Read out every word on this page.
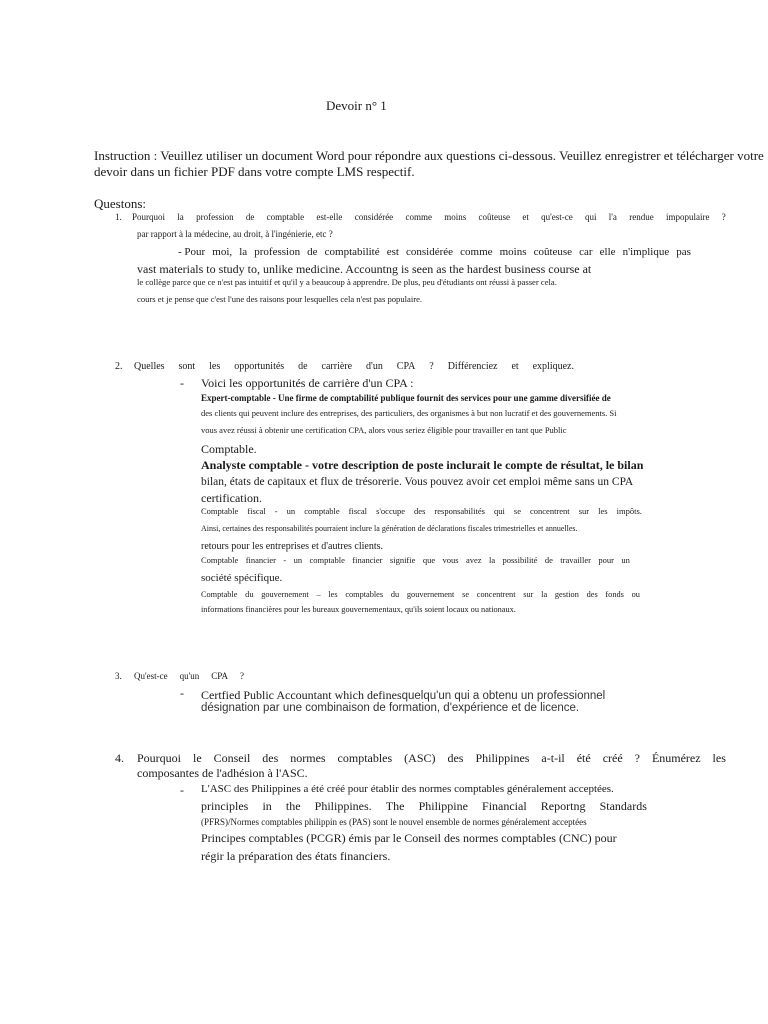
Devoir n° 1
Instruction : Veuillez utiliser un document Word pour répondre aux questions ci-dessous. Veuillez enregistrer et télécharger votre
devoir dans un fichier PDF dans votre compte LMS respectif.
Questons:
1. Pourquoi la profession de comptable est-elle considérée comme moins coûteuse et qu'est-ce qui l'a rendue impopulaire ?
par rapport à la médecine, au droit, à l'ingénierie, etc ?
- Pour moi, la profession de comptabilité est considérée comme moins coûteuse car elle n'implique pas
vast materials to study to, unlike medicine. Accountng is seen as the hardest business course at
le collège parce que ce n'est pas intuitif et qu'il y a beaucoup à apprendre. De plus, peu d'étudiants ont réussi à passer cela.
cours et je pense que c'est l'une des raisons pour lesquelles cela n'est pas populaire.
2. Quelles sont les opportunités de carrière d'un CPA ? Différenciez et expliquez.
- Voici les opportunités de carrière d'un CPA :
Expert-comptable - Une firme de comptabilité publique fournit des services pour une gamme diversifiée de
des clients qui peuvent inclure des entreprises, des particuliers, des organismes à but non lucratif et des gouvernements. Si
vous avez réussi à obtenir une certification CPA, alors vous seriez éligible pour travailler en tant que Public
Comptable.
Analyste comptable - votre description de poste inclurait le compte de résultat, le bilan
bilan, états de capitaux et flux de trésorerie. Vous pouvez avoir cet emploi même sans un CPA
certification.
Comptable fiscal - un comptable fiscal s'occupe des responsabilités qui se concentrent sur les impôts.
Ainsi, certaines des responsabilités pourraient inclure la génération de déclarations fiscales trimestrielles et annuelles.
retours pour les entreprises et d'autres clients.
Comptable financier - un comptable financier signifie que vous avez la possibilité de travailler pour un
société spécifique.
Comptable du gouvernement – les comptables du gouvernement se concentrent sur la gestion des fonds ou
informations financières pour les bureaux gouvernementaux, qu'ils soient locaux ou nationaux.
3. Qu'est-ce qu'un CPA ?
- Certfied Public Accountant which definesquelqu'un qui a obtenu un professionnel
désignation par une combinaison de formation, d'expérience et de licence.
4. Pourquoi le Conseil des normes comptables (ASC) des Philippines a-t-il été créé ? Énumérez les
composantes de l'adhésion à l'ASC.
- L'ASC des Philippines a été créé pour établir des normes comptables généralement acceptées.
principles in the Philippines. The Philippine Financial Reportng Standards
(PFRS)/Normes comptables philippin es (PAS) sont le nouvel ensemble de normes généralement acceptées
Principes comptables (PCGR) émis par le Conseil des normes comptables (CNC) pour
régir la préparation des états financiers.
